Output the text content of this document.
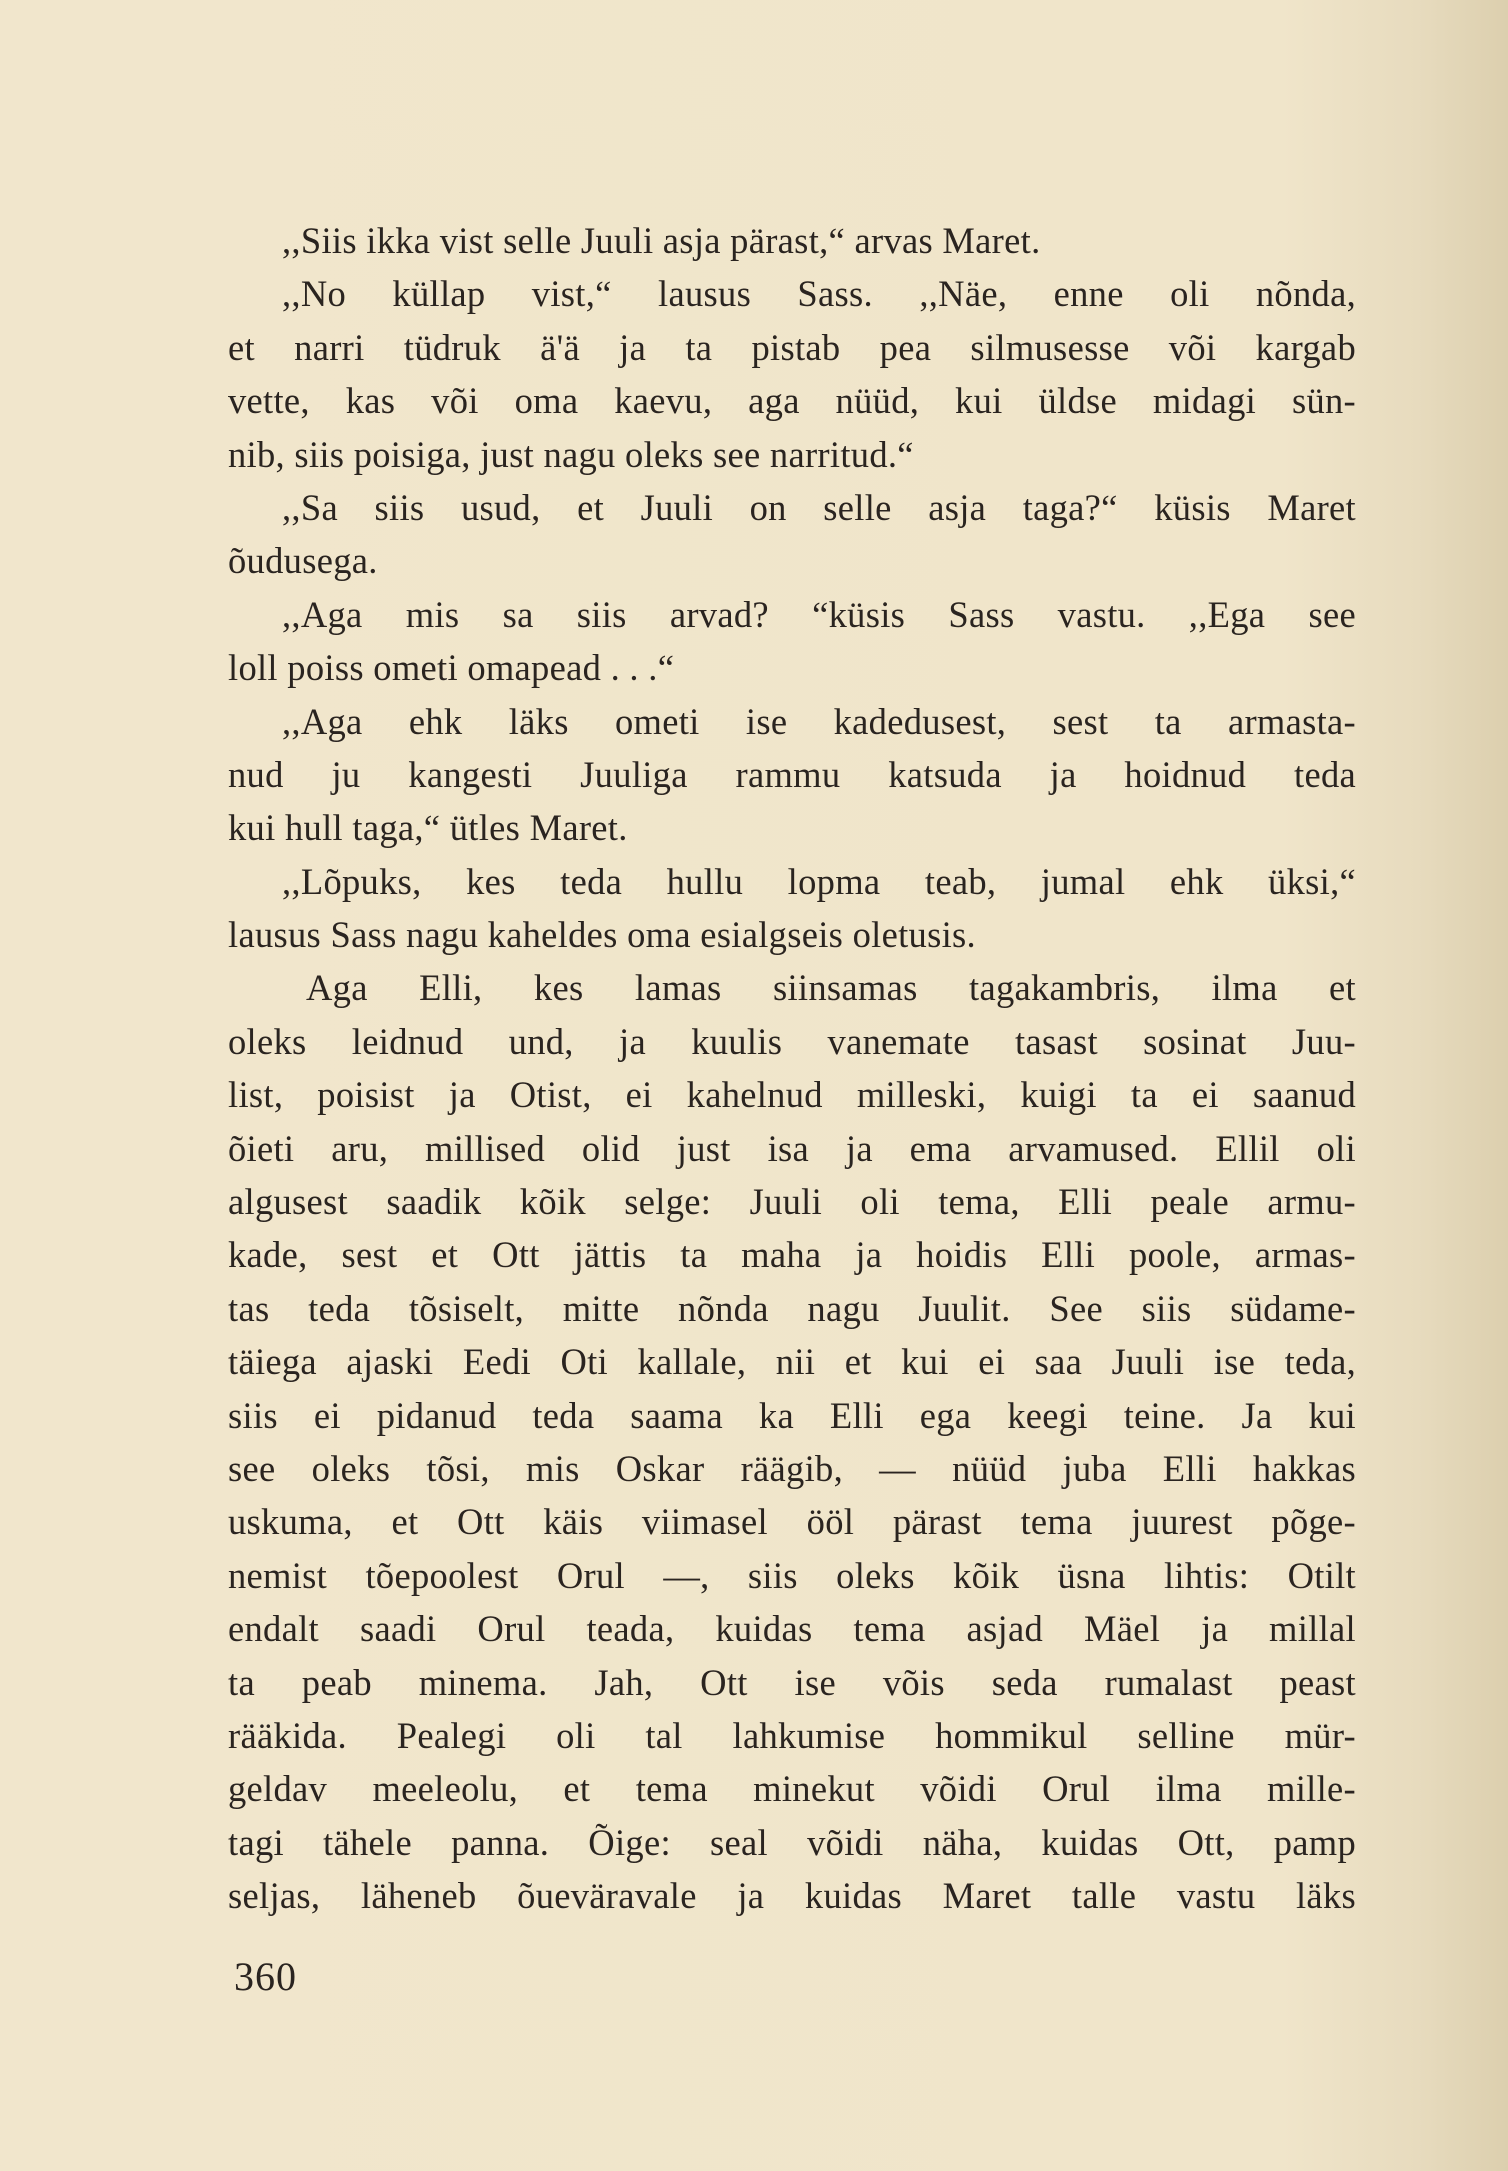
,,Siis ikka vist selle Juuli asja pärast,“ arvas Maret.
,,No küllap vist,“ lausus Sass. ,,Näe, enne oli nõnda,
et narri tüdruk ä'ä ja ta pistab pea silmusesse või kargab
vette, kas või oma kaevu, aga nüüd, kui üldse midagi sün-
nib, siis poisiga, just nagu oleks see narritud.“
,,Sa siis usud, et Juuli on selle asja taga?“ küsis Maret
õudusega.
,,Aga mis sa siis arvad? “küsis Sass vastu. ,,Ega see
loll poiss ometi omapead . . .“
,,Aga ehk läks ometi ise kadedusest, sest ta armasta-
nud ju kangesti Juuliga rammu katsuda ja hoidnud teda
kui hull taga,“ ütles Maret.
,,Lõpuks, kes teda hullu lopma teab, jumal ehk üksi,“
lausus Sass nagu kaheldes oma esialgseis oletusis.
Aga Elli, kes lamas siinsamas tagakambris, ilma et
oleks leidnud und, ja kuulis vanemate tasast sosinat Juu-
list, poisist ja Otist, ei kahelnud milleski, kuigi ta ei saanud
õieti aru, millised olid just isa ja ema arvamused. Ellil oli
algusest saadik kõik selge: Juuli oli tema, Elli peale armu-
kade, sest et Ott jättis ta maha ja hoidis Elli poole, armas-
tas teda tõsiselt, mitte nõnda nagu Juulit. See siis südame-
täiega ajaski Eedi Oti kallale, nii et kui ei saa Juuli ise teda,
siis ei pidanud teda saama ka Elli ega keegi teine. Ja kui
see oleks tõsi, mis Oskar räägib, — nüüd juba Elli hakkas
uskuma, et Ott käis viimasel ööl pärast tema juurest põge-
nemist tõepoolest Orul —, siis oleks kõik üsna lihtis: Otilt
endalt saadi Orul teada, kuidas tema asjad Mäel ja millal
ta peab minema. Jah, Ott ise võis seda rumalast peast
rääkida. Pealegi oli tal lahkumise hommikul selline mür-
geldav meeleolu, et tema minekut võidi Orul ilma mille-
tagi tähele panna. Õige: seal võidi näha, kuidas Ott, pamp
seljas, läheneb õueväravale ja kuidas Maret talle vastu läks
360
